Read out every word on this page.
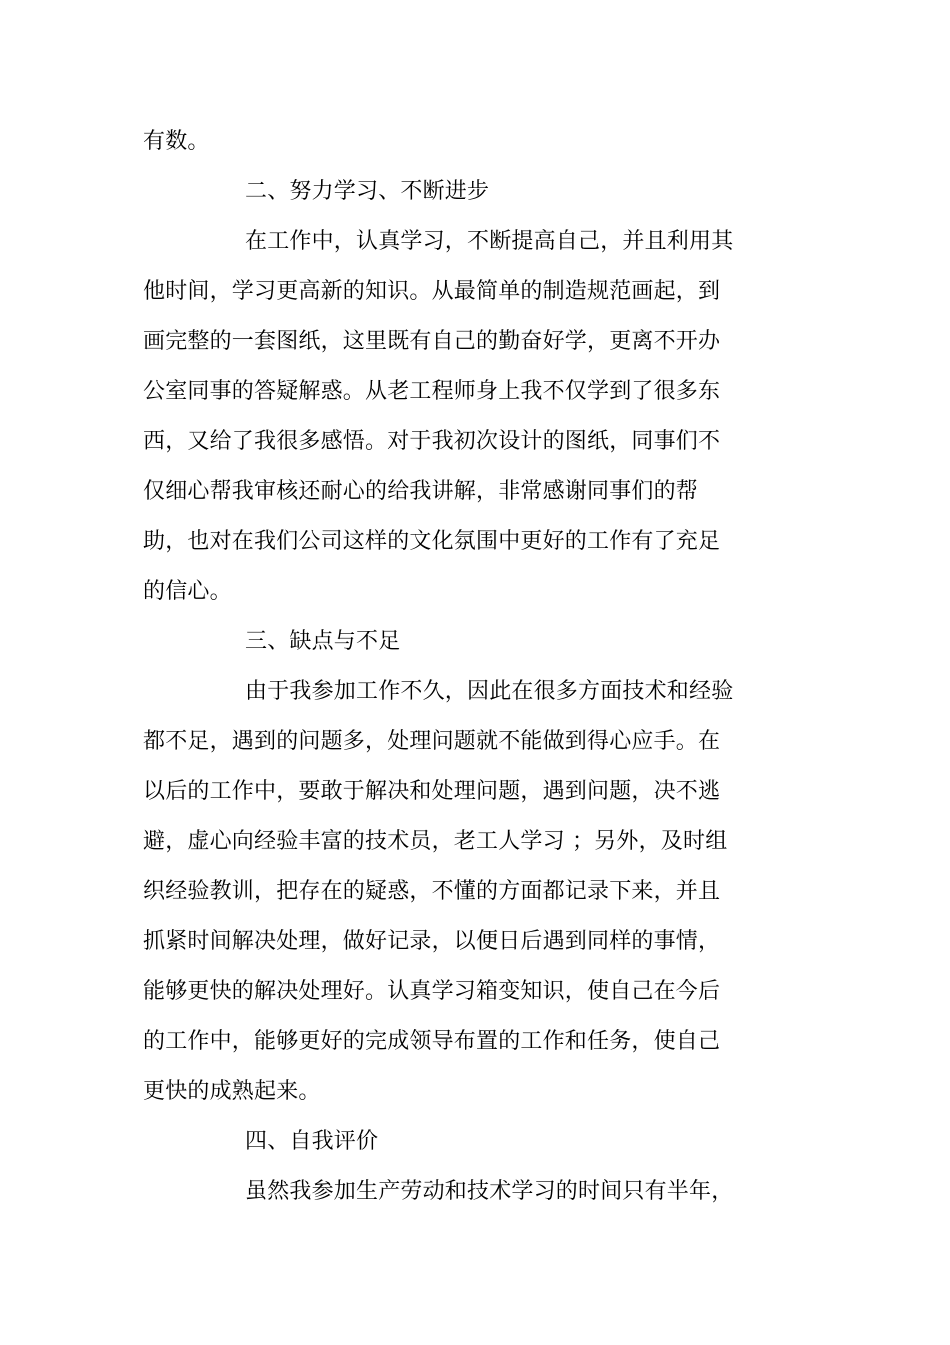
有数。
二、努力学习、不断进步
在工作中，认真学习，不断提高自己，并且利用其
他时间，学习更高新的知识。从最简单的制造规范画起，到
画完整的一套图纸，这里既有自己的勤奋好学，更离不开办
公室同事的答疑解惑。从老工程师身上我不仅学到了很多东
西，又给了我很多感悟。对于我初次设计的图纸，同事们不
仅细心帮我审核还耐心的给我讲解，非常感谢同事们的帮
助，也对在我们公司这样的文化氛围中更好的工作有了充足
的信心。
三、缺点与不足
由于我参加工作不久，因此在很多方面技术和经验
都不足，遇到的问题多，处理问题就不能做到得心应手。在
以后的工作中，要敢于解决和处理问题，遇到问题，决不逃
避，虚心向经验丰富的技术员，老工人学习 ；另外，及时组
织经验教训，把存在的疑惑，不懂的方面都记录下来，并且
抓紧时间解决处理，做好记录，以便日后遇到同样的事情，
能够更快的解决处理好。认真学习箱变知识，使自己在今后
的工作中，能够更好的完成领导布置的工作和任务，使自己
更快的成熟起来。
四、自我评价
虽然我参加生产劳动和技术学习的时间只有半年，
